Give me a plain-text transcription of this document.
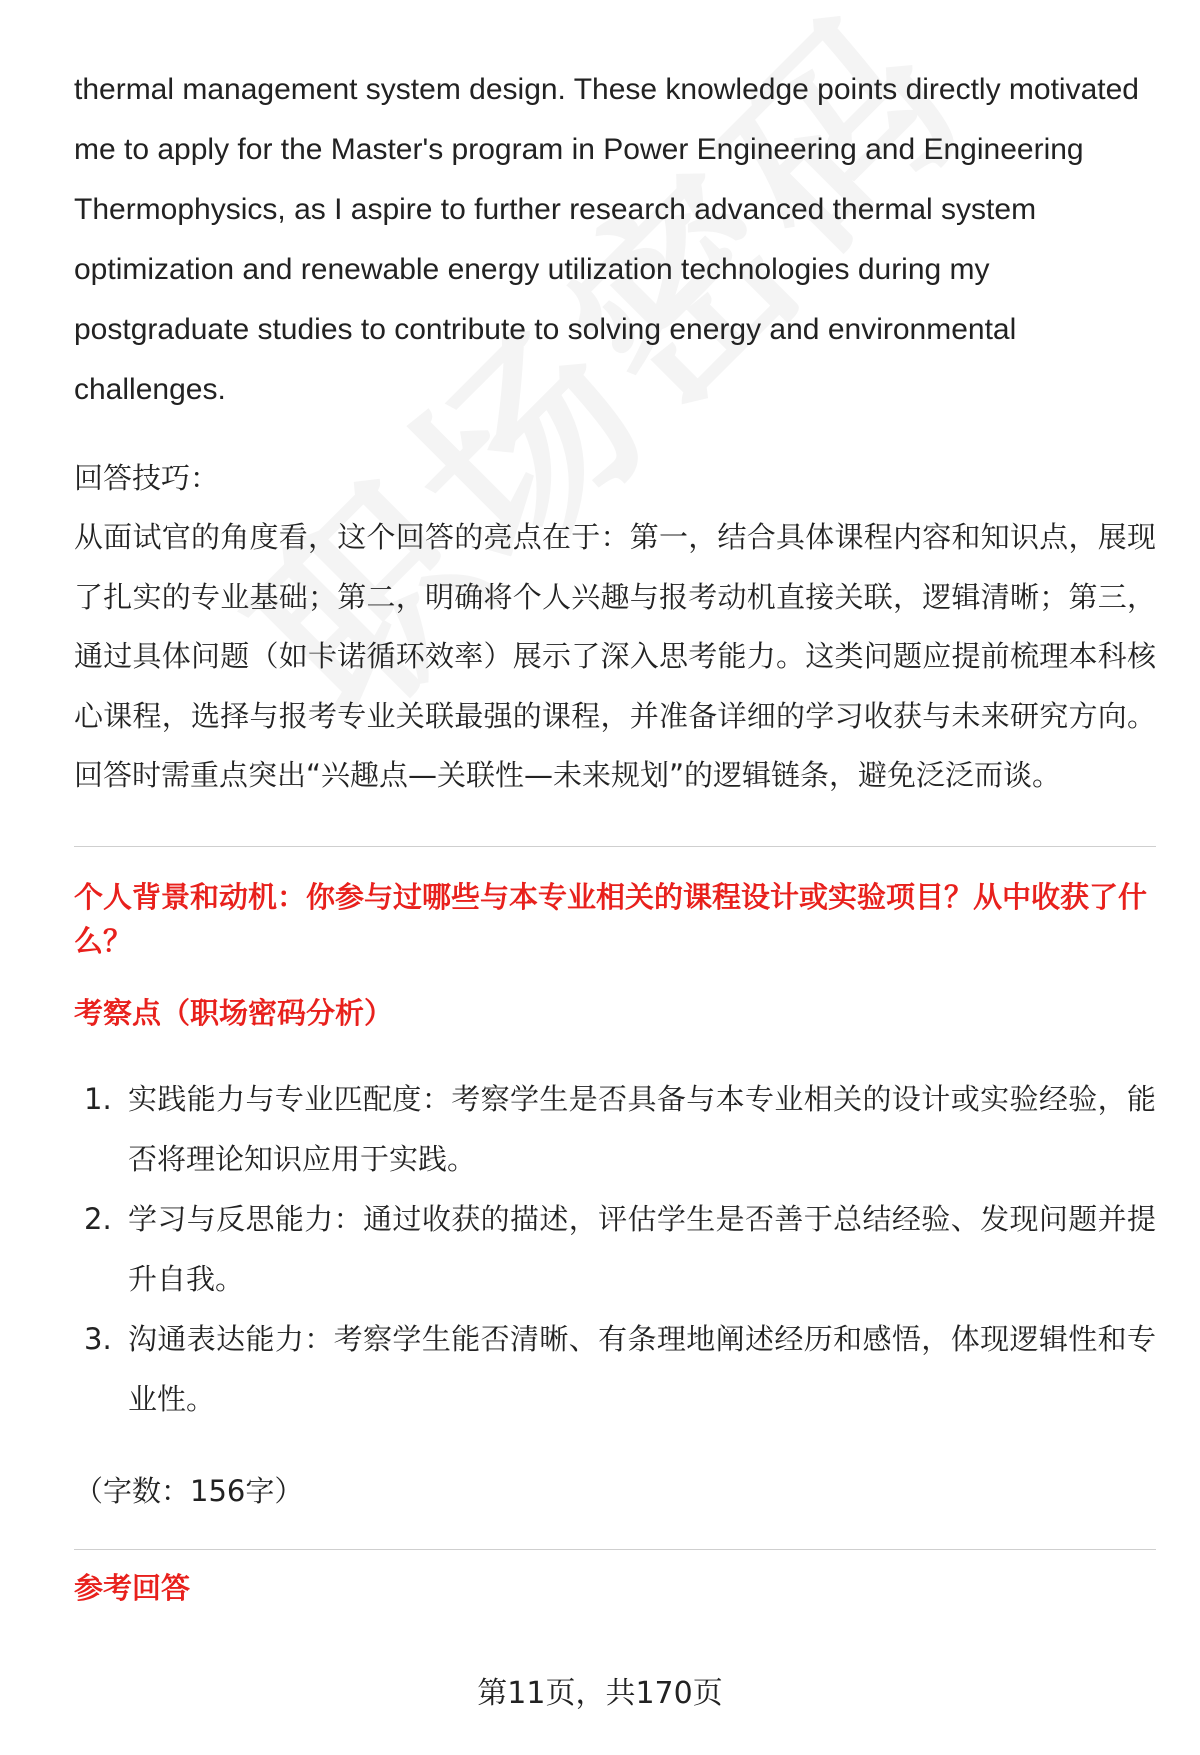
thermal management system design. These knowledge points directly motivated me to apply for the Master's program in Power Engineering and Engineering Thermophysics, as I aspire to further research advanced thermal system optimization and renewable energy utilization technologies during my postgraduate studies to contribute to solving energy and environmental challenges.

回答技巧：

从面试官的角度看，这个回答的亮点在于：第一，结合具体课程内容和知识点，展现了扎实的专业基础；第二，明确将个人兴趣与报考动机直接关联，逻辑清晰；第三，通过具体问题（如卡诺循环效率）展示了深入思考能力。这类问题应提前梳理本科核心课程，选择与报考专业关联最强的课程，并准备详细的学习收获与未来研究方向。回答时需重点突出“兴趣点—关联性—未来规划”的逻辑链条，避免泛泛而谈。

个人背景和动机：你参与过哪些与本专业相关的课程设计或实验项目？从中收获了什么？

考察点（职场密码分析）

1. 实践能力与专业匹配度：考察学生是否具备与本专业相关的设计或实验经验，能否将理论知识应用于实践。
2. 学习与反思能力：通过收获的描述，评估学生是否善于总结经验、发现问题并提升自我。
3. 沟通表达能力：考察学生能否清晰、有条理地阐述经历和感悟，体现逻辑性和专业性。

（字数：156字）

参考回答

第11页，共170页
